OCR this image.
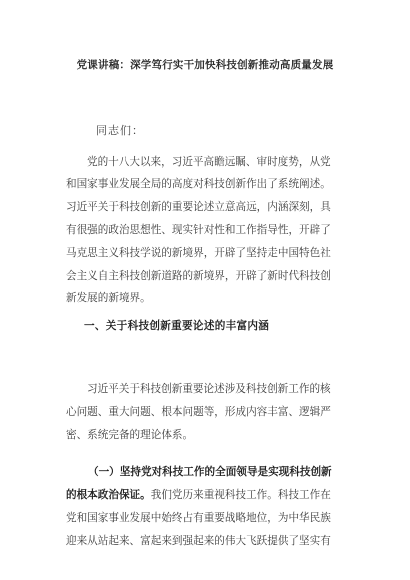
党课讲稿：深学笃行实干加快科技创新推动高质量发展
同志们：
党的十八大以来，习近平高瞻远瞩、审时度势，从党
和国家事业发展全局的高度对科技创新作出了系统阐述。
习近平关于科技创新的重要论述立意高远，内涵深刻，具
有很强的政治思想性、现实针对性和工作指导性，开辟了
马克思主义科技学说的新境界，开辟了坚持走中国特色社
会主义自主科技创新道路的新境界，开辟了新时代科技创
新发展的新境界。
一、关于科技创新重要论述的丰富内涵
习近平关于科技创新重要论述涉及科技创新工作的核
心问题、重大问题、根本问题等，形成内容丰富、逻辑严
密、系统完备的理论体系。
（一）坚持党对科技工作的全面领导是实现科技创新
的根本政治保证。我们党历来重视科技工作。科技工作在
党和国家事业发展中始终占有重要战略地位，为中华民族
迎来从站起来、富起来到强起来的伟大飞跃提供了坚实有
